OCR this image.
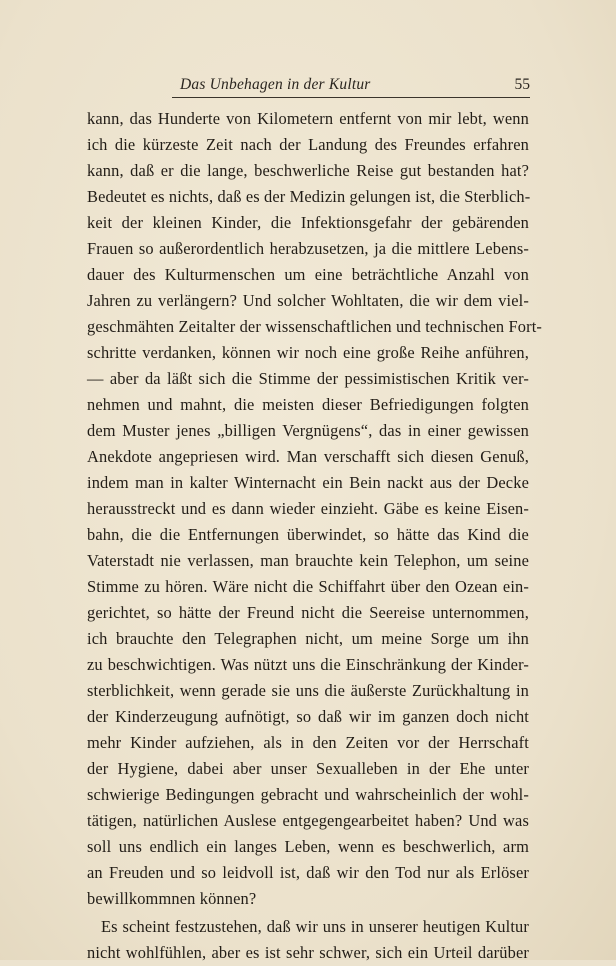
Das Unbehagen in der Kultur	55
kann, das Hunderte von Kilometern entfernt von mir lebt, wenn
ich die kürzeste Zeit nach der Landung des Freundes erfahren
kann, daß er die lange, beschwerliche Reise gut bestanden hat?
Bedeutet es nichts, daß es der Medizin gelungen ist, die Sterblich-
keit der kleinen Kinder, die Infektionsgefahr der gebärenden
Frauen so außerordentlich herabzusetzen, ja die mittlere Lebens-
dauer des Kulturmenschen um eine beträchtliche Anzahl von
Jahren zu verlängern? Und solcher Wohltaten, die wir dem viel-
geschmähten Zeitalter der wissenschaftlichen und technischen Fort-
schritte verdanken, können wir noch eine große Reihe anführen,
— aber da läßt sich die Stimme der pessimistischen Kritik ver-
nehmen und mahnt, die meisten dieser Befriedigungen folgten
dem Muster jenes „billigen Vergnügens“, das in einer gewissen
Anekdote angepriesen wird. Man verschafft sich diesen Genuß,
indem man in kalter Winternacht ein Bein nackt aus der Decke
herausstreckt und es dann wieder einzieht. Gäbe es keine Eisen-
bahn, die die Entfernungen überwindet, so hätte das Kind die
Vaterstadt nie verlassen, man brauchte kein Telephon, um seine
Stimme zu hören. Wäre nicht die Schiffahrt über den Ozean ein-
gerichtet, so hätte der Freund nicht die Seereise unternommen,
ich brauchte den Telegraphen nicht, um meine Sorge um ihn
zu beschwichtigen. Was nützt uns die Einschränkung der Kinder-
sterblichkeit, wenn gerade sie uns die äußerste Zurückhaltung in
der Kinderzeugung aufnötigt, so daß wir im ganzen doch nicht
mehr Kinder aufziehen, als in den Zeiten vor der Herrschaft
der Hygiene, dabei aber unser Sexualleben in der Ehe unter
schwierige Bedingungen gebracht und wahrscheinlich der wohl-
tätigen, natürlichen Auslese entgegengearbeitet haben? Und was
soll uns endlich ein langes Leben, wenn es beschwerlich, arm
an Freuden und so leidvoll ist, daß wir den Tod nur als Erlöser
bewillkommnen können?
Es scheint festzustehen, daß wir uns in unserer heutigen Kultur
nicht wohlfühlen, aber es ist sehr schwer, sich ein Urteil darüber
